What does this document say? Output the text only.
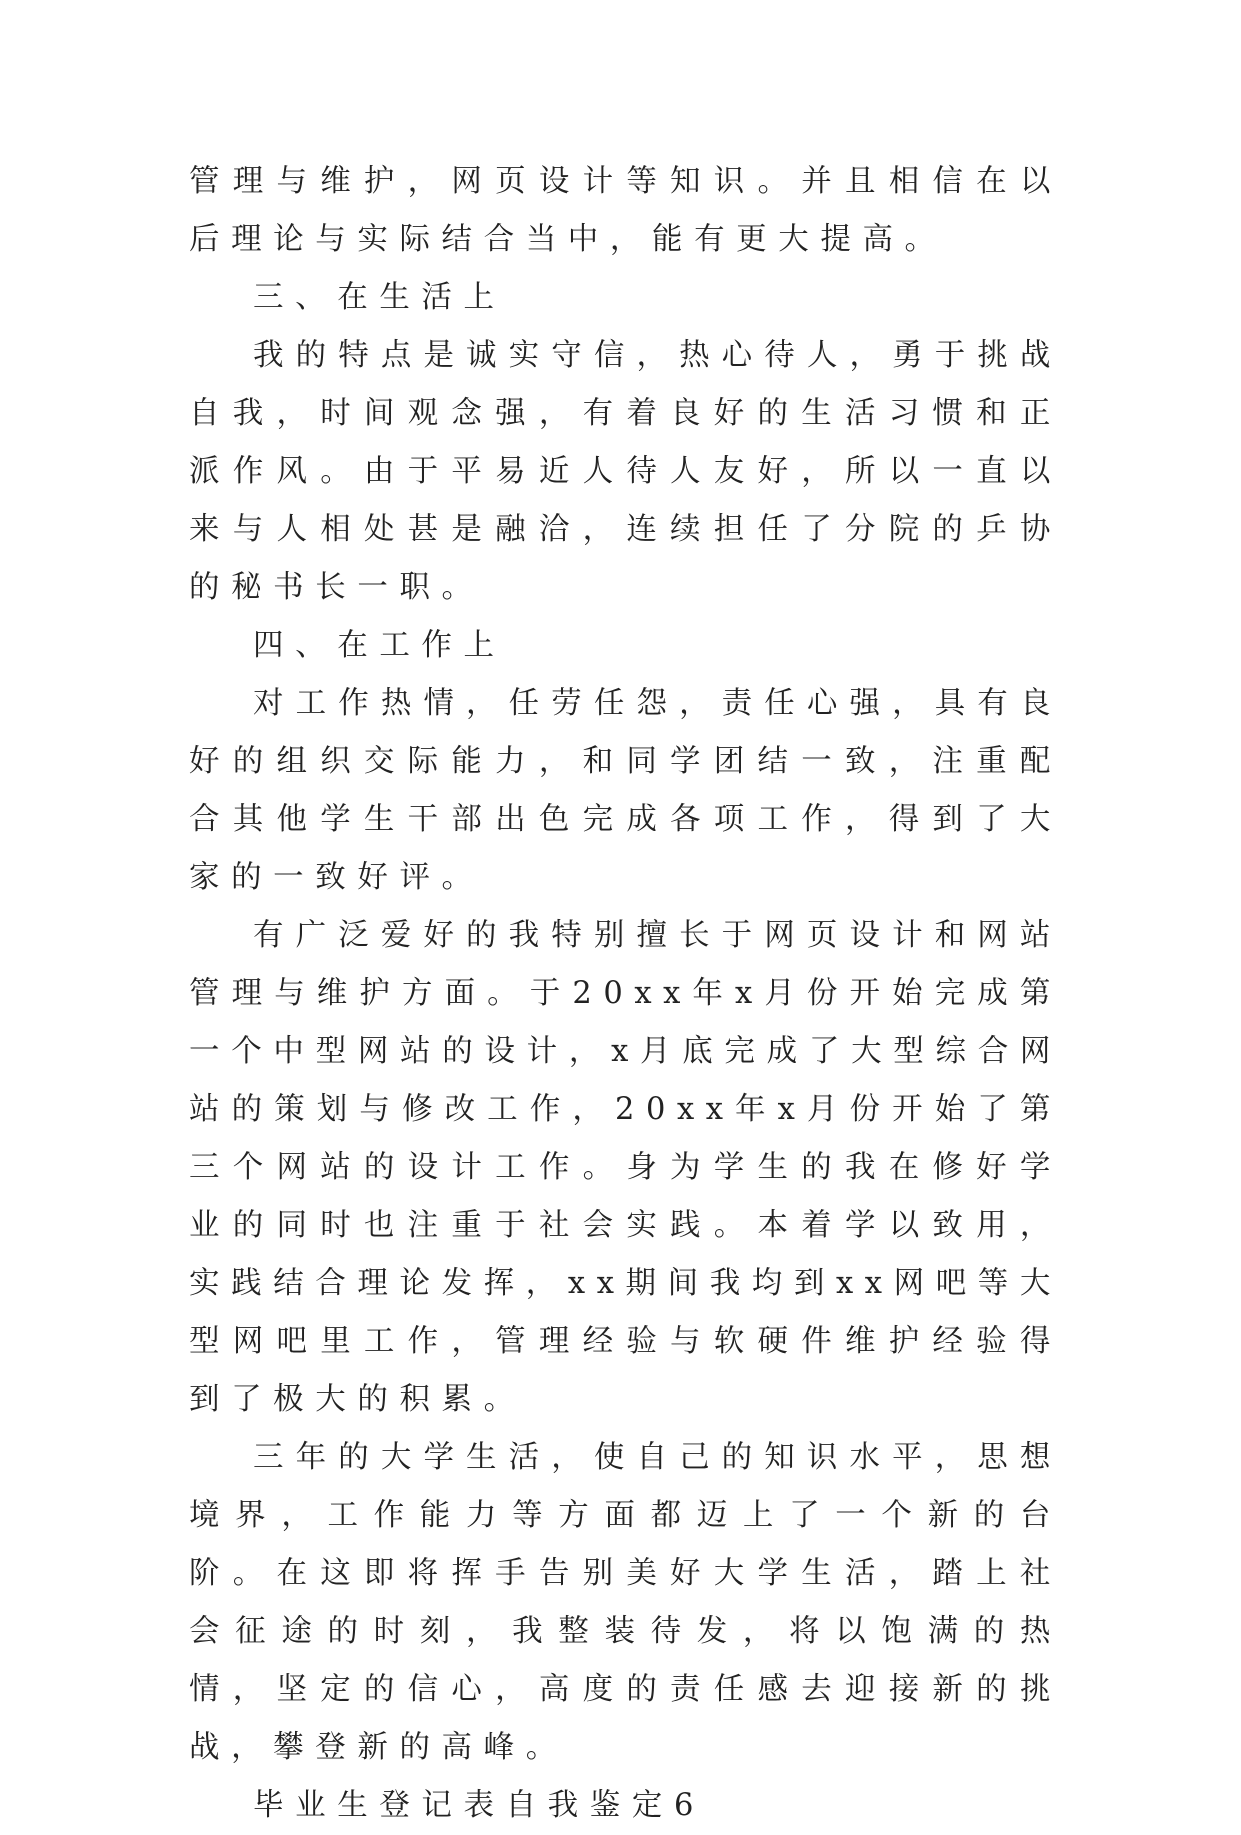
管理与维护，网页设计等知识。并且相信在以后理论与实际结合当中，能有更大提高。

三、在生活上

我的特点是诚实守信，热心待人，勇于挑战自我，时间观念强，有着良好的生活习惯和正派作风。由于平易近人待人友好，所以一直以来与人相处甚是融洽，连续担任了分院的乒协的秘书长一职。

四、在工作上

对工作热情，任劳任怨，责任心强，具有良好的组织交际能力，和同学团结一致，注重配合其他学生干部出色完成各项工作，得到了大家的一致好评。

有广泛爱好的我特别擅长于网页设计和网站管理与维护方面。于20xx年x月份开始完成第一个中型网站的设计，x月底完成了大型综合网站的策划与修改工作，20xx年x月份开始了第三个网站的设计工作。身为学生的我在修好学业的同时也注重于社会实践。本着学以致用，实践结合理论发挥，xx期间我均到xx网吧等大型网吧里工作，管理经验与软硬件维护经验得到了极大的积累。

三年的大学生活，使自己的知识水平，思想境界，工作能力等方面都迈上了一个新的台阶。在这即将挥手告别美好大学生活，踏上社会征途的时刻，我整装待发，将以饱满的热情，坚定的信心，高度的责任感去迎接新的挑战，攀登新的高峰。

毕业生登记表自我鉴定6
